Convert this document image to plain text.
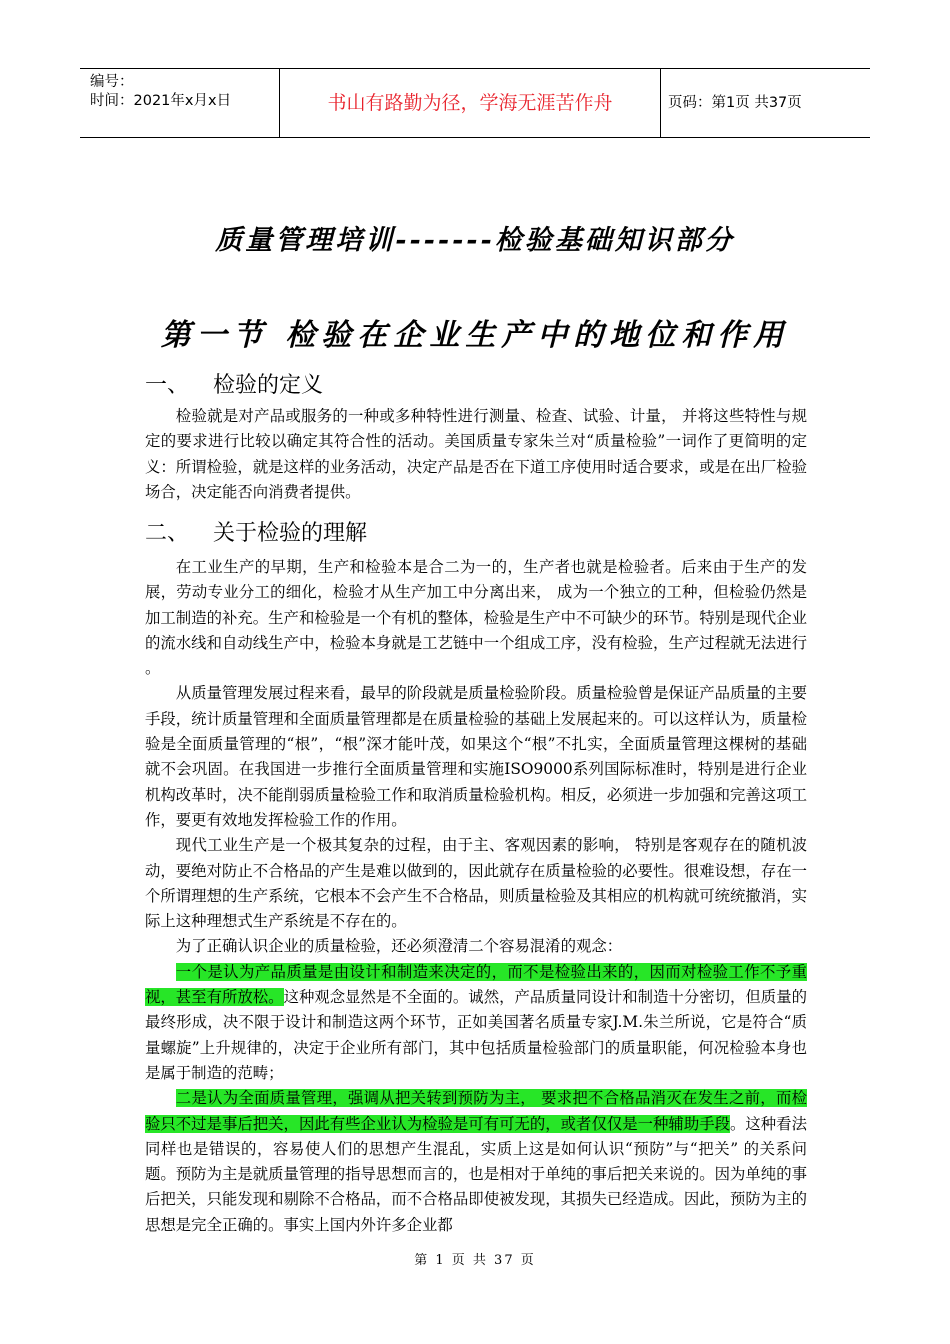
编号：
时间：2021年x月x日	书山有路勤为径，学海无涯苦作舟	页码：第1页 共37页
质量管理培训-------检验基础知识部分
第一节 检验在企业生产中的地位和作用
一、 检验的定义
检验就是对产品或服务的一种或多种特性进行测量、检查、试验、计量， 并将这些特性与规定的要求进行比较以确定其符合性的活动。美国质量专家朱兰对“质量检验”一词作了更简明的定义：所谓检验，就是这样的业务活动，决定产品是否在下道工序使用时适合要求，或是在出厂检验场合，决定能否向消费者提供。
二、 关于检验的理解
在工业生产的早期，生产和检验本是合二为一的，生产者也就是检验者。后来由于生产的发展，劳动专业分工的细化，检验才从生产加工中分离出来， 成为一个独立的工种，但检验仍然是加工制造的补充。生产和检验是一个有机的整体，检验是生产中不可缺少的环节。特别是现代企业的流水线和自动线生产中，检验本身就是工艺链中一个组成工序，没有检验，生产过程就无法进行 。
从质量管理发展过程来看，最早的阶段就是质量检验阶段。质量检验曾是保证产品质量的主要手段，统计质量管理和全面质量管理都是在质量检验的基础上发展起来的。可以这样认为，质量检验是全面质量管理的“根”，“根”深才能叶茂，如果这个“根”不扎实，全面质量管理这棵树的基础就不会巩固。在我国进一步推行全面质量管理和实施ISO9000系列国际标准时，特别是进行企业机构改革时，决不能削弱质量检验工作和取消质量检验机构。相反，必须进一步加强和完善这项工作，要更有效地发挥检验工作的作用。
现代工业生产是一个极其复杂的过程，由于主、客观因素的影响， 特别是客观存在的随机波动，要绝对防止不合格品的产生是难以做到的，因此就存在质量检验的必要性。很难设想，存在一个所谓理想的生产系统，它根本不会产生不合格品，则质量检验及其相应的机构就可统统撤消，实际上这种理想式生产系统是不存在的。
为了正确认识企业的质量检验，还必须澄清二个容易混淆的观念：
一个是认为产品质量是由设计和制造来决定的，而不是检验出来的，因而对检验工作不予重视，甚至有所放松。这种观念显然是不全面的。诚然，产品质量同设计和制造十分密切，但质量的最终形成，决不限于设计和制造这两个环节，正如美国著名质量专家J.M.朱兰所说，它是符合“质量螺旋”上升规律的，决定于企业所有部门，其中包括质量检验部门的质量职能，何况检验本身也是属于制造的范畴；
二是认为全面质量管理，强调从把关转到预防为主， 要求把不合格品消灭在发生之前，而检验只不过是事后把关，因此有些企业认为检验是可有可无的，或者仅仅是一种辅助手段。这种看法同样也是错误的，容易使人们的思想产生混乱，实质上这是如何认识“预防”与“把关” 的关系问题。预防为主是就质量管理的指导思想而言的，也是相对于单纯的事后把关来说的。因为单纯的事后把关，只能发现和剔除不合格品，而不合格品即使被发现，其损失已经造成。因此，预防为主的思想是完全正确的。事实上国内外许多企业都
第 1 页 共 37 页
